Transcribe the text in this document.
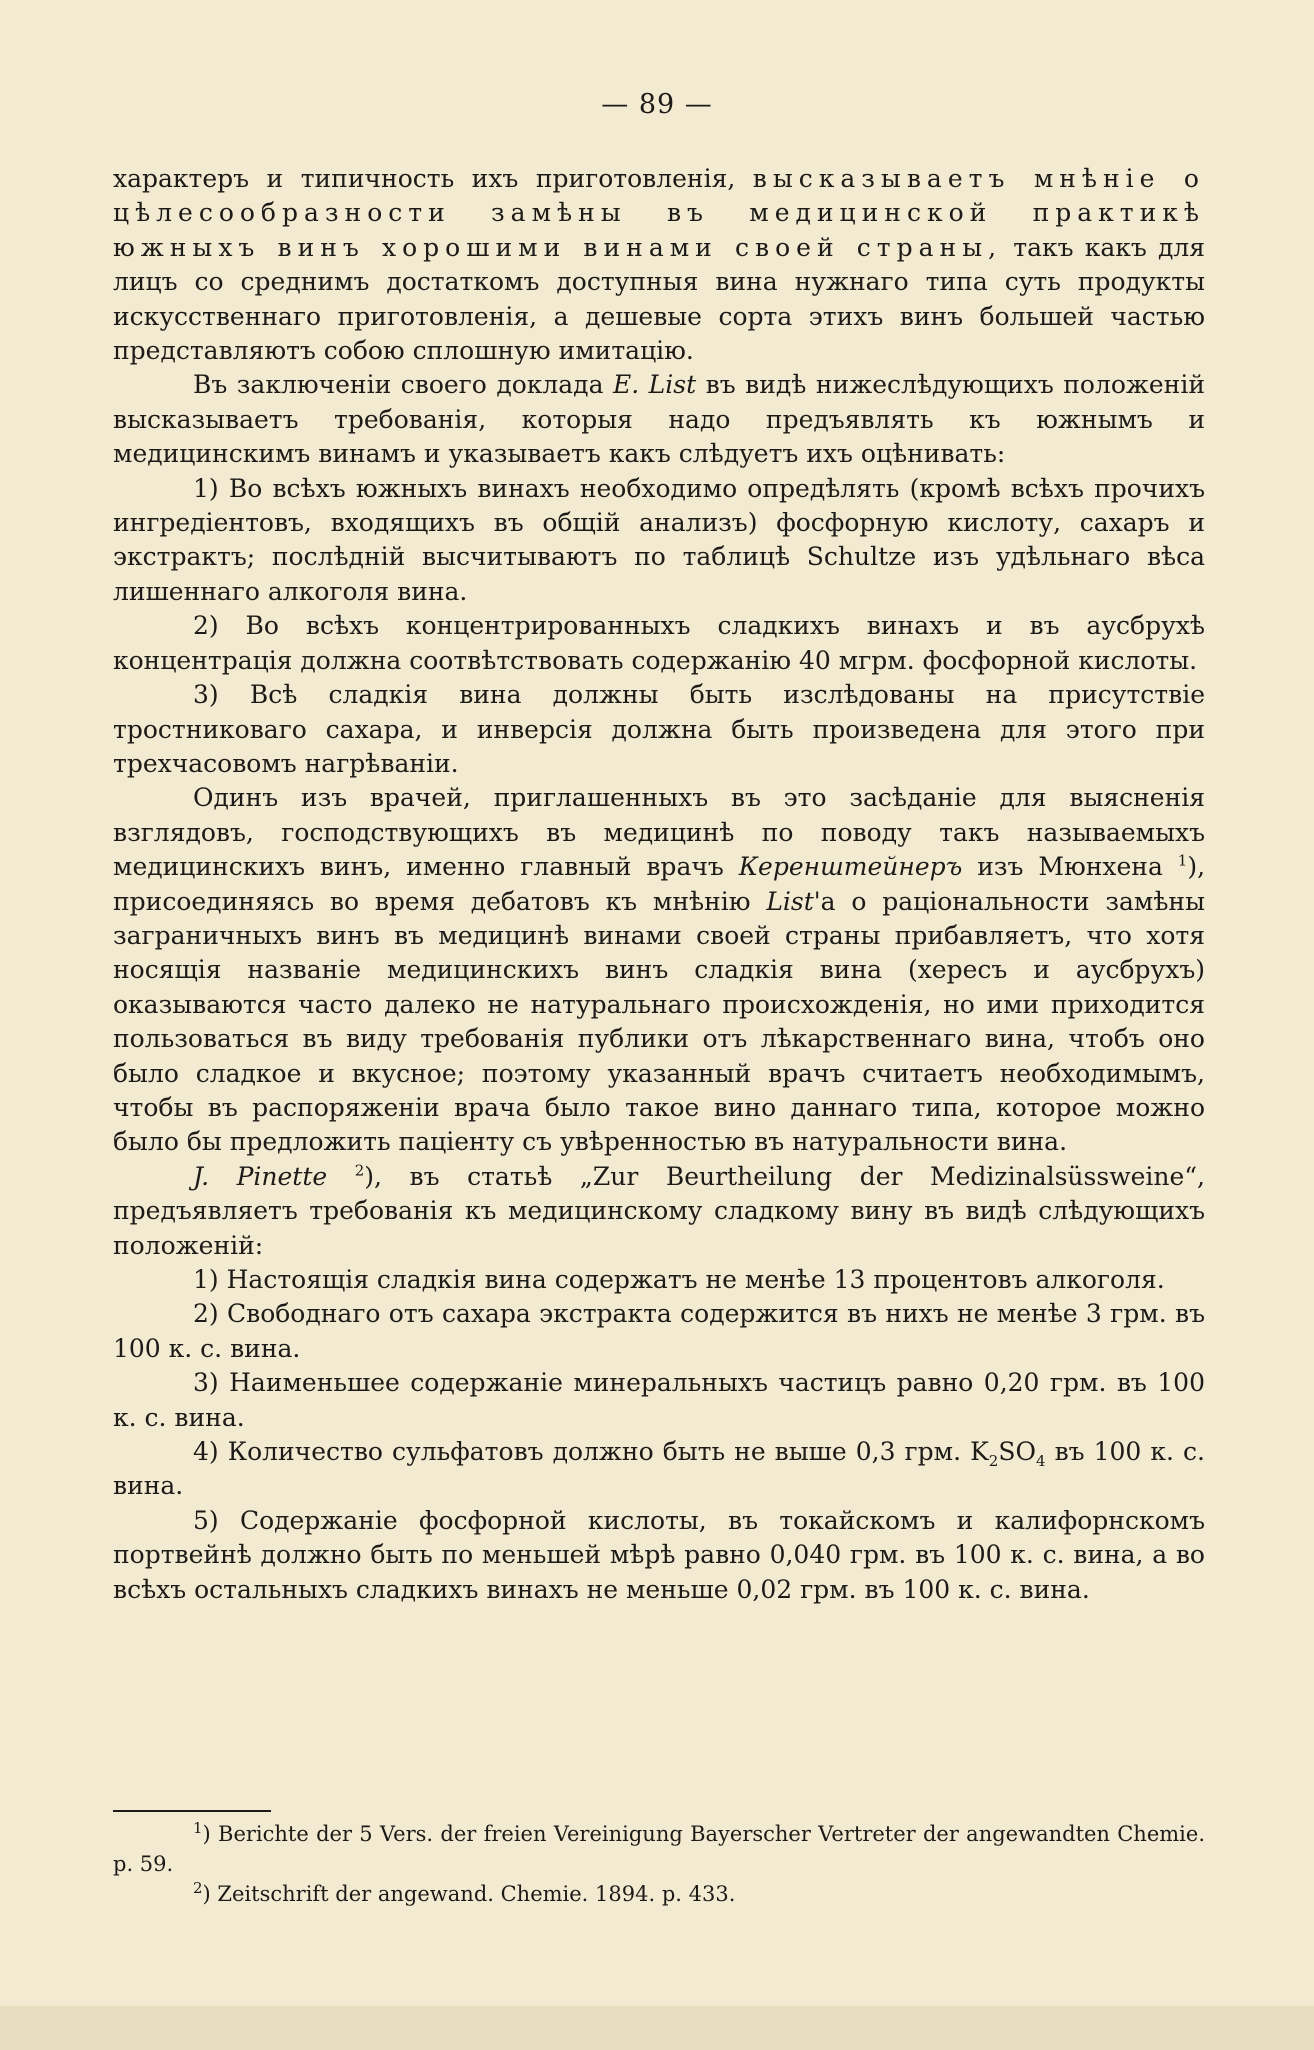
— 89 —

характеръ и типичность ихъ приготовленія, высказываетъ мнѣніе о цѣлесообразности замѣны въ медицинской практикѣ южныхъ винъ хорошими винами своей страны, такъ какъ для лицъ со среднимъ достаткомъ доступныя вина нужнаго типа суть продукты искусственнаго приготовленія, а дешевые сорта этихъ винъ большей частью представляютъ собою сплошную имитацію.

Въ заключеніи своего доклада E. List въ видѣ нижеслѣдующихъ положеній высказываетъ требованія, которыя надо предъявлять къ южнымъ и медицинскимъ винамъ и указываетъ какъ слѣдуетъ ихъ оцѣнивать:

1) Во всѣхъ южныхъ винахъ необходимо опредѣлять (кромѣ всѣхъ прочихъ ингредіентовъ, входящихъ въ общій анализъ) фосфорную кислоту, сахаръ и экстрактъ; послѣдній высчитываютъ по таблицѣ Schultze изъ удѣльнаго вѣса лишеннаго алкоголя вина.

2) Во всѣхъ концентрированныхъ сладкихъ винахъ и въ аусбрухѣ концентрація должна соотвѣтствовать содержанію 40 мгрм. фосфорной кислоты.

3) Всѣ сладкія вина должны быть изслѣдованы на присутствіе тростниковаго сахара, и инверсія должна быть произведена для этого при трехчасовомъ нагрѣваніи.

Одинъ изъ врачей, приглашенныхъ въ это засѣданіе для выясненія взглядовъ, господствующихъ въ медицинѣ по поводу такъ называемыхъ медицинскихъ винъ, именно главный врачъ Керенштейнеръ изъ Мюнхена $^1$), присоединяясь во время дебатовъ къ мнѣнію List'а о раціональности замѣны заграничныхъ винъ въ медицинѣ винами своей страны прибавляетъ, что хотя носящія названіе медицинскихъ винъ сладкія вина (хересъ и аусбрухъ) оказываются часто далеко не натуральнаго происхожденія, но ими приходится пользоваться въ виду требованія публики отъ лѣкарственнаго вина, чтобъ оно было сладкое и вкусное; поэтому указанный врачъ считаетъ необходимымъ, чтобы въ распоряженіи врача было такое вино даннаго типа, которое можно было бы предложить паціенту съ увѣренностью въ натуральности вина.

J. Pinette $^2$), въ статьѣ „Zur Beurtheilung der Medizinalsüssweine“, предъявляетъ требованія къ медицинскому сладкому вину въ видѣ слѣдующихъ положеній:

1) Настоящія сладкія вина содержатъ не менѣе 13 процентовъ алкоголя.

2) Свободнаго отъ сахара экстракта содержится въ нихъ не менѣе 3 грм. въ 100 к. с. вина.

3) Наименьшее содержаніе минеральныхъ частицъ равно 0,20 грм. въ 100 к. с. вина.

4) Количество сульфатовъ должно быть не выше 0,3 грм. $K_2SO_4$ въ 100 к. с. вина.

5) Содержаніе фосфорной кислоты, въ токайскомъ и калифорнскомъ портвейнѣ должно быть по меньшей мѣрѣ равно 0,040 грм. въ 100 к. с. вина, а во всѣхъ остальныхъ сладкихъ винахъ не меньше 0,02 грм. въ 100 к. с. вина.

$^1$) Berichte der 5 Vers. der freien Vereinigung Bayerscher Vertreter der angewandten Chemie. p. 59.

$^2$) Zeitschrift der angewand. Chemie. 1894. p. 433.
